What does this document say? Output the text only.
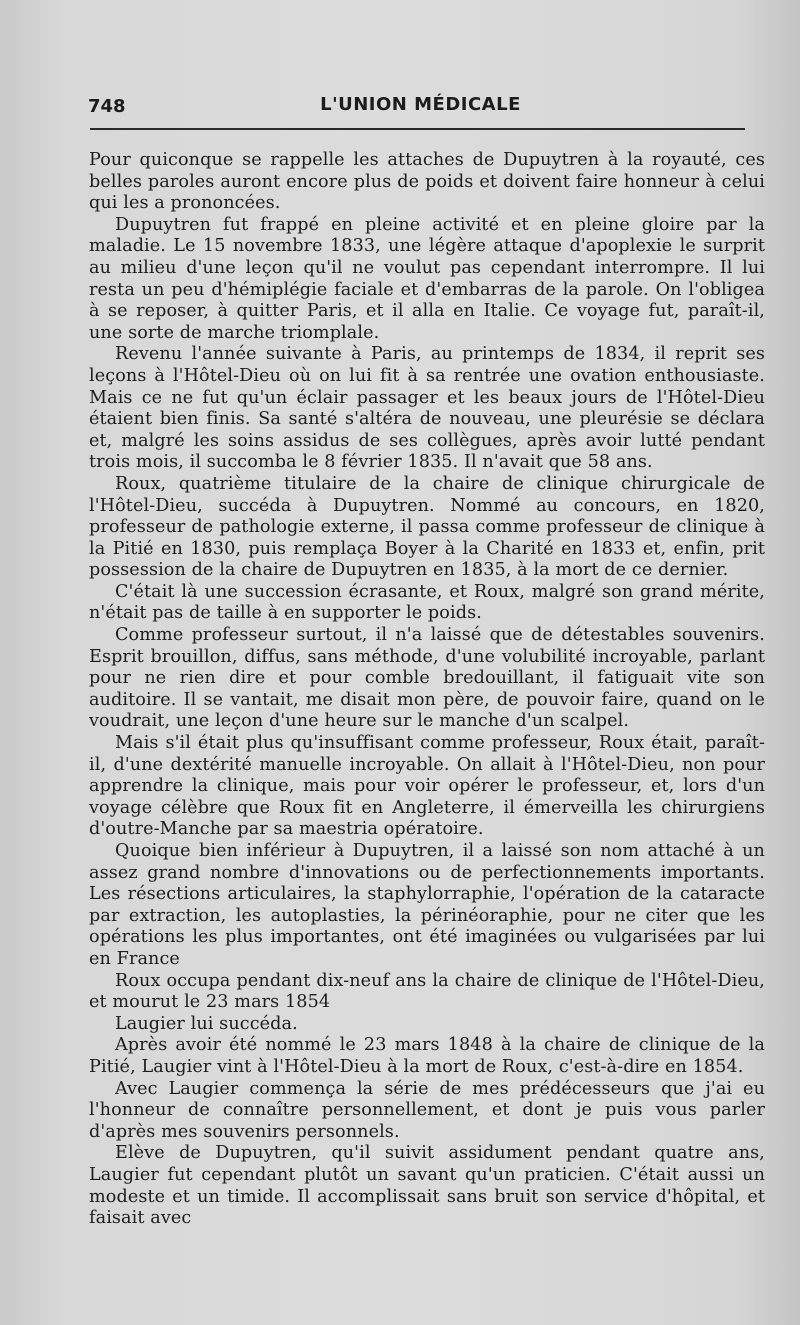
748	L'UNION MÉDICALE

Pour quiconque se rappelle les attaches de Dupuytren à la royauté, ces belles paroles auront encore plus de poids et doivent faire honneur à celui qui les a prononcées.

Dupuytren fut frappé en pleine activité et en pleine gloire par la maladie. Le 15 novembre 1833, une légère attaque d'apoplexie le surprit au milieu d'une leçon qu'il ne voulut pas cependant interrompre. Il lui resta un peu d'hémiplégie faciale et d'embarras de la parole. On l'obligea à se reposer, à quitter Paris, et il alla en Italie. Ce voyage fut, paraît-il, une sorte de marche triomplale.

Revenu l'année suivante à Paris, au printemps de 1834, il reprit ses leçons à l'Hôtel-Dieu où on lui fit à sa rentrée une ovation enthousiaste. Mais ce ne fut qu'un éclair passager et les beaux jours de l'Hôtel-Dieu étaient bien finis. Sa santé s'altéra de nouveau, une pleurésie se déclara et, malgré les soins assidus de ses collègues, après avoir lutté pendant trois mois, il succomba le 8 février 1835. Il n'avait que 58 ans.

Roux, quatrième titulaire de la chaire de clinique chirurgicale de l'Hôtel-Dieu, succéda à Dupuytren. Nommé au concours, en 1820, professeur de pathologie externe, il passa comme professeur de clinique à la Pitié en 1830, puis remplaça Boyer à la Charité en 1833 et, enfin, prit possession de la chaire de Dupuytren en 1835, à la mort de ce dernier.

C'était là une succession écrasante, et Roux, malgré son grand mérite, n'était pas de taille à en supporter le poids.

Comme professeur surtout, il n'a laissé que de détestables souvenirs. Esprit brouillon, diffus, sans méthode, d'une volubilité incroyable, parlant pour ne rien dire et pour comble bredouillant, il fatiguait vite son auditoire. Il se vantait, me disait mon père, de pouvoir faire, quand on le voudrait, une leçon d'une heure sur le manche d'un scalpel.

Mais s'il était plus qu'insuffisant comme professeur, Roux était, paraît-il, d'une dextérité manuelle incroyable. On allait à l'Hôtel-Dieu, non pour apprendre la clinique, mais pour voir opérer le professeur, et, lors d'un voyage célèbre que Roux fit en Angleterre, il émerveilla les chirurgiens d'outre-Manche par sa maestria opératoire.

Quoique bien inférieur à Dupuytren, il a laissé son nom attaché à un assez grand nombre d'innovations ou de perfectionnements importants. Les résections articulaires, la staphylorraphie, l'opération de la cataracte par extraction, les autoplasties, la périnéoraphie, pour ne citer que les opérations les plus importantes, ont été imaginées ou vulgarisées par lui en France

Roux occupa pendant dix-neuf ans la chaire de clinique de l'Hôtel-Dieu, et mourut le 23 mars 1854

Laugier lui succéda.

Après avoir été nommé le 23 mars 1848 à la chaire de clinique de la Pitié, Laugier vint à l'Hôtel-Dieu à la mort de Roux, c'est-à-dire en 1854.

Avec Laugier commença la série de mes prédécesseurs que j'ai eu l'honneur de connaître personnellement, et dont je puis vous parler d'après mes souvenirs personnels.

Elève de Dupuytren, qu'il suivit assidument pendant quatre ans, Laugier fut cependant plutôt un savant qu'un praticien. C'était aussi un modeste et un timide. Il accomplissait sans bruit son service d'hôpital, et faisait avec
